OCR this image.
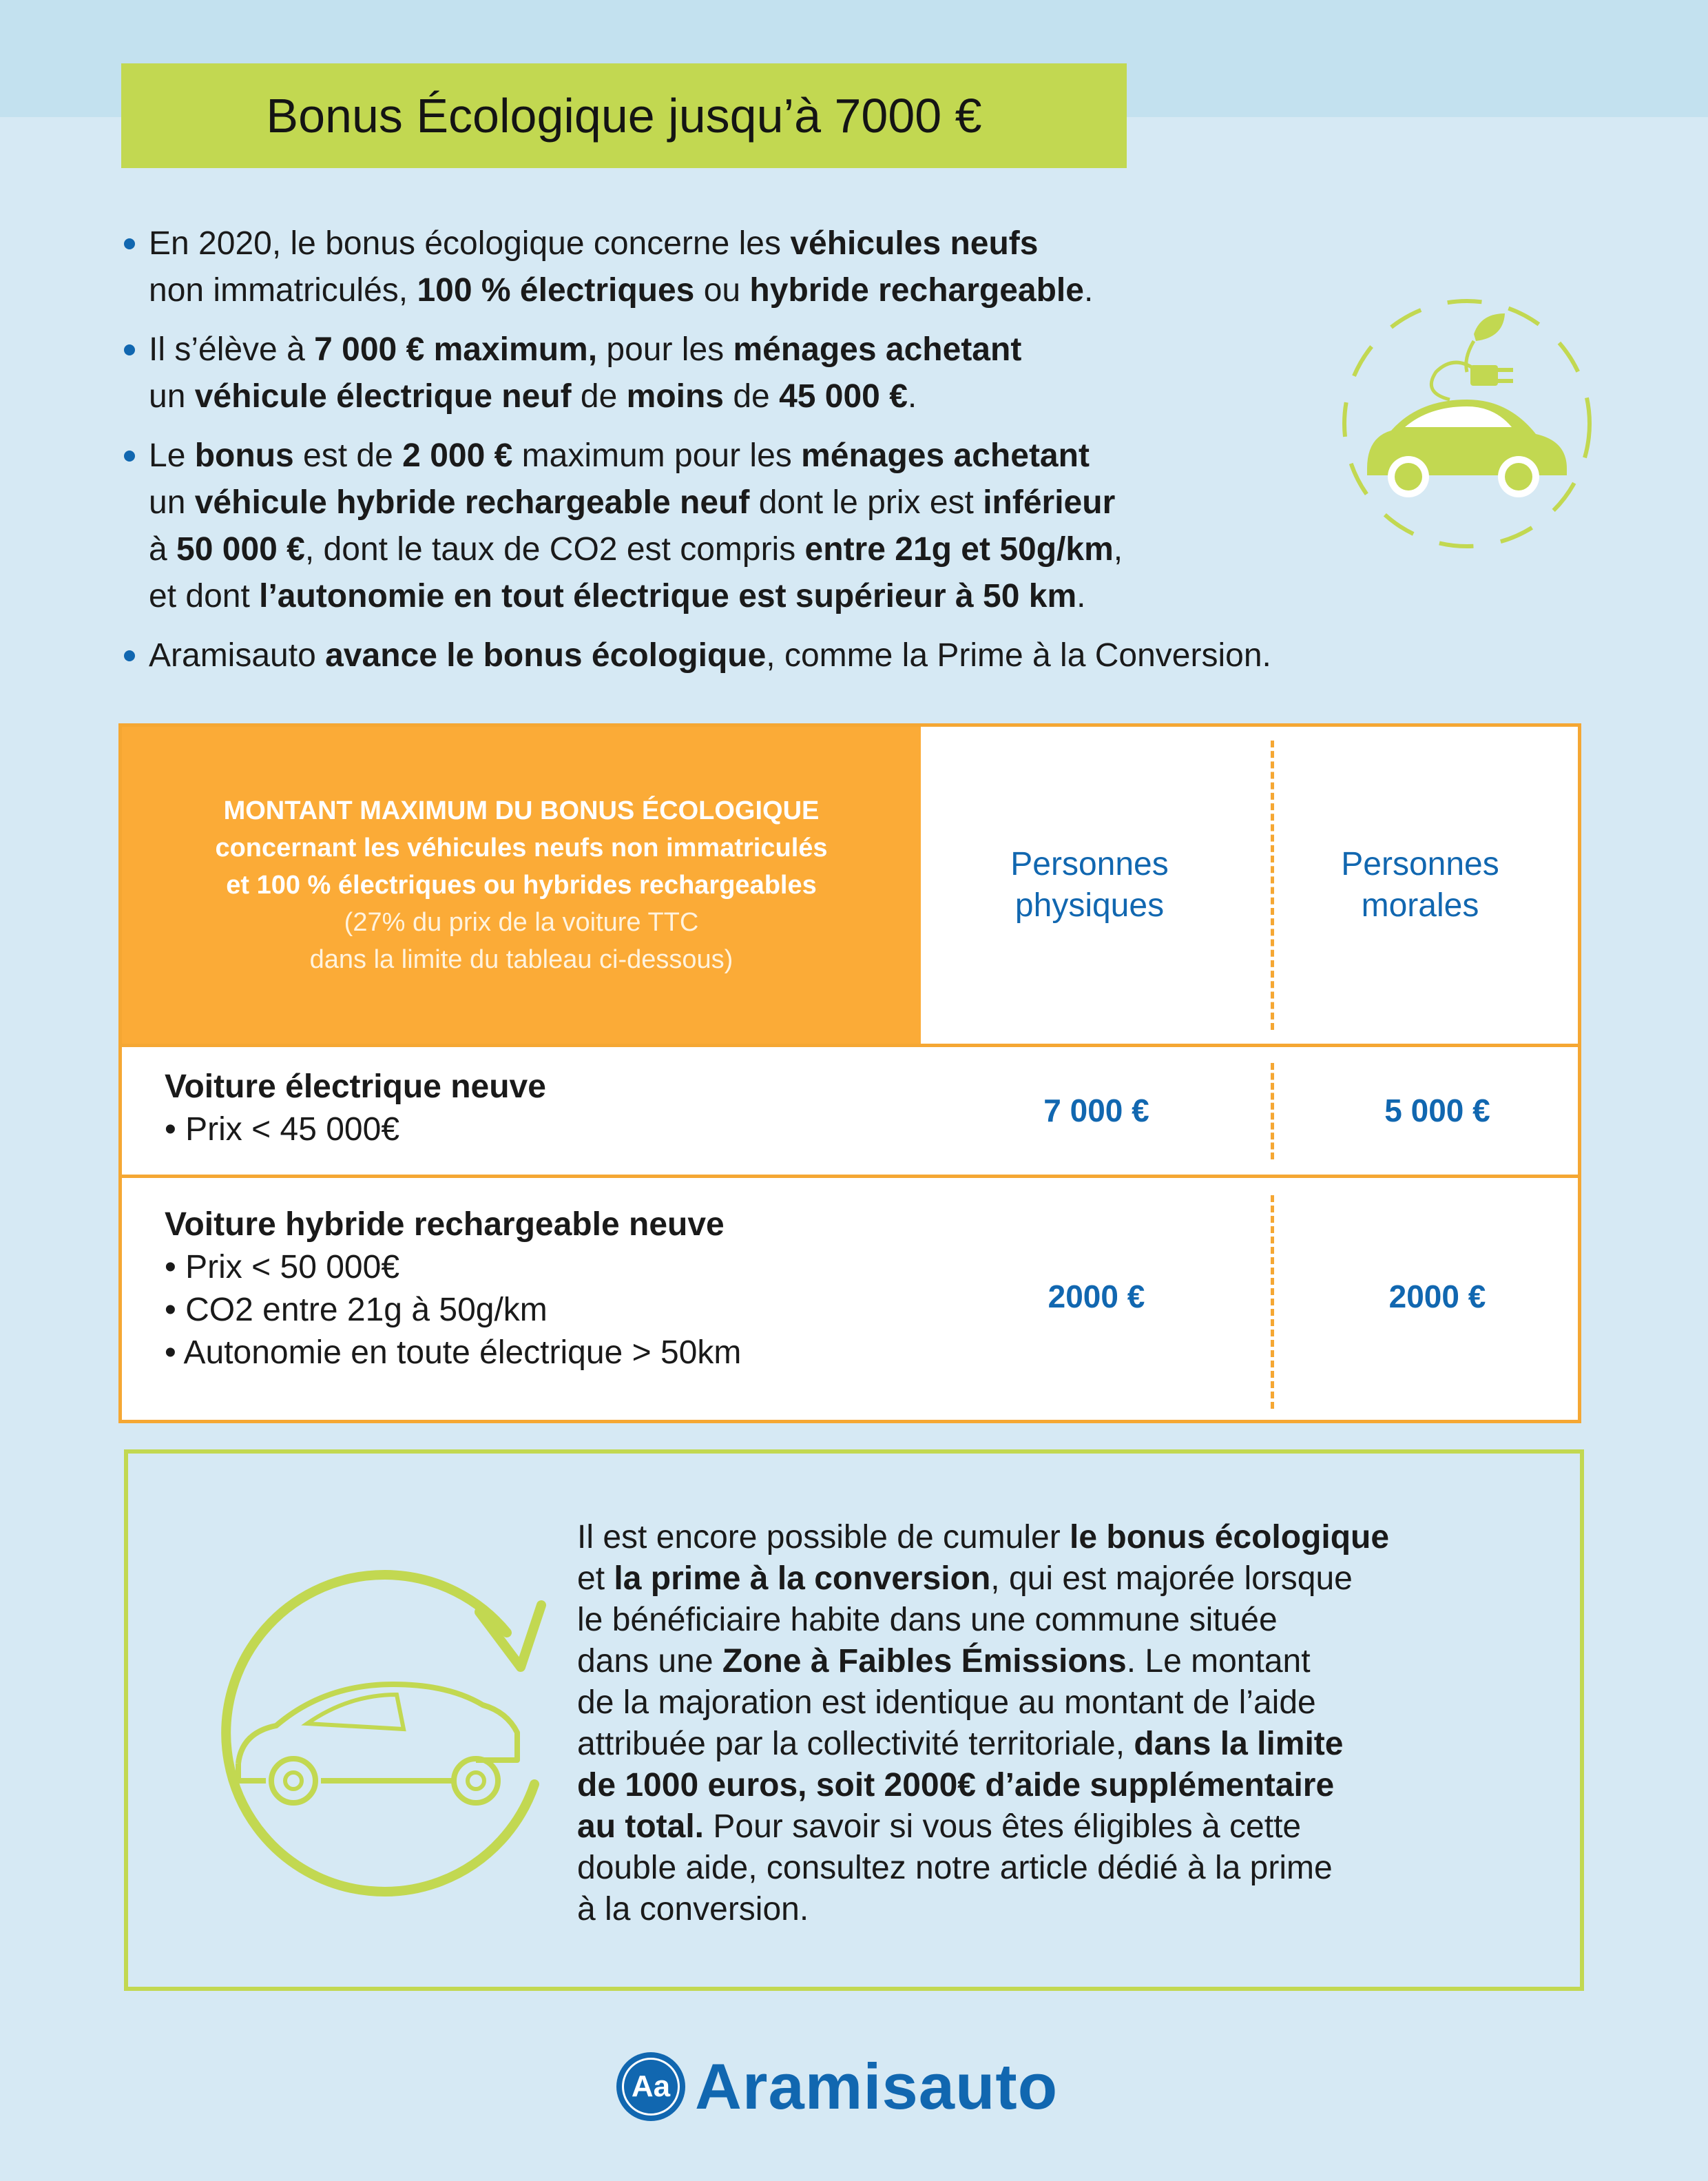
Bonus Écologique jusqu’à 7000 €
En 2020, le bonus écologique concerne les véhicules neufs
non immatriculés, 100 % électriques ou hybride rechargeable.
Il s’élève à 7 000 € maximum, pour les ménages achetant
un véhicule électrique neuf de moins de 45 000 €.
Le bonus est de 2 000 € maximum pour les ménages achetant
un véhicule hybride rechargeable neuf dont le prix est inférieur
à 50 000 €, dont le taux de CO2 est compris entre 21g et 50g/km,
et dont l’autonomie en tout électrique est supérieur à 50 km.
Aramisauto avance le bonus écologique, comme la Prime à la Conversion.
MONTANT MAXIMUM DU BONUS ÉCOLOGIQUE
concernant les véhicules neufs non immatriculés
et 100 % électriques ou hybrides rechargeables
(27% du prix de la voiture TTC
dans la limite du tableau ci-dessous)
Personnes
physiques
Personnes
morales
Voiture électrique neuve
• Prix < 45 000€
7 000 €	5 000 €
Voiture hybride rechargeable neuve
• Prix < 50 000€
• CO2 entre 21g à 50g/km
• Autonomie en toute électrique > 50km
2000 €	2000 €
Il est encore possible de cumuler le bonus écologique
et la prime à la conversion, qui est majorée lorsque
le bénéficiaire habite dans une commune située
dans une Zone à Faibles Émissions. Le montant
de la majoration est identique au montant de l’aide
attribuée par la collectivité territoriale, dans la limite
de 1000 euros, soit 2000€ d’aide supplémentaire
au total. Pour savoir si vous êtes éligibles à cette
double aide, consultez notre article dédié à la prime
à la conversion.
Aa Aramisauto
